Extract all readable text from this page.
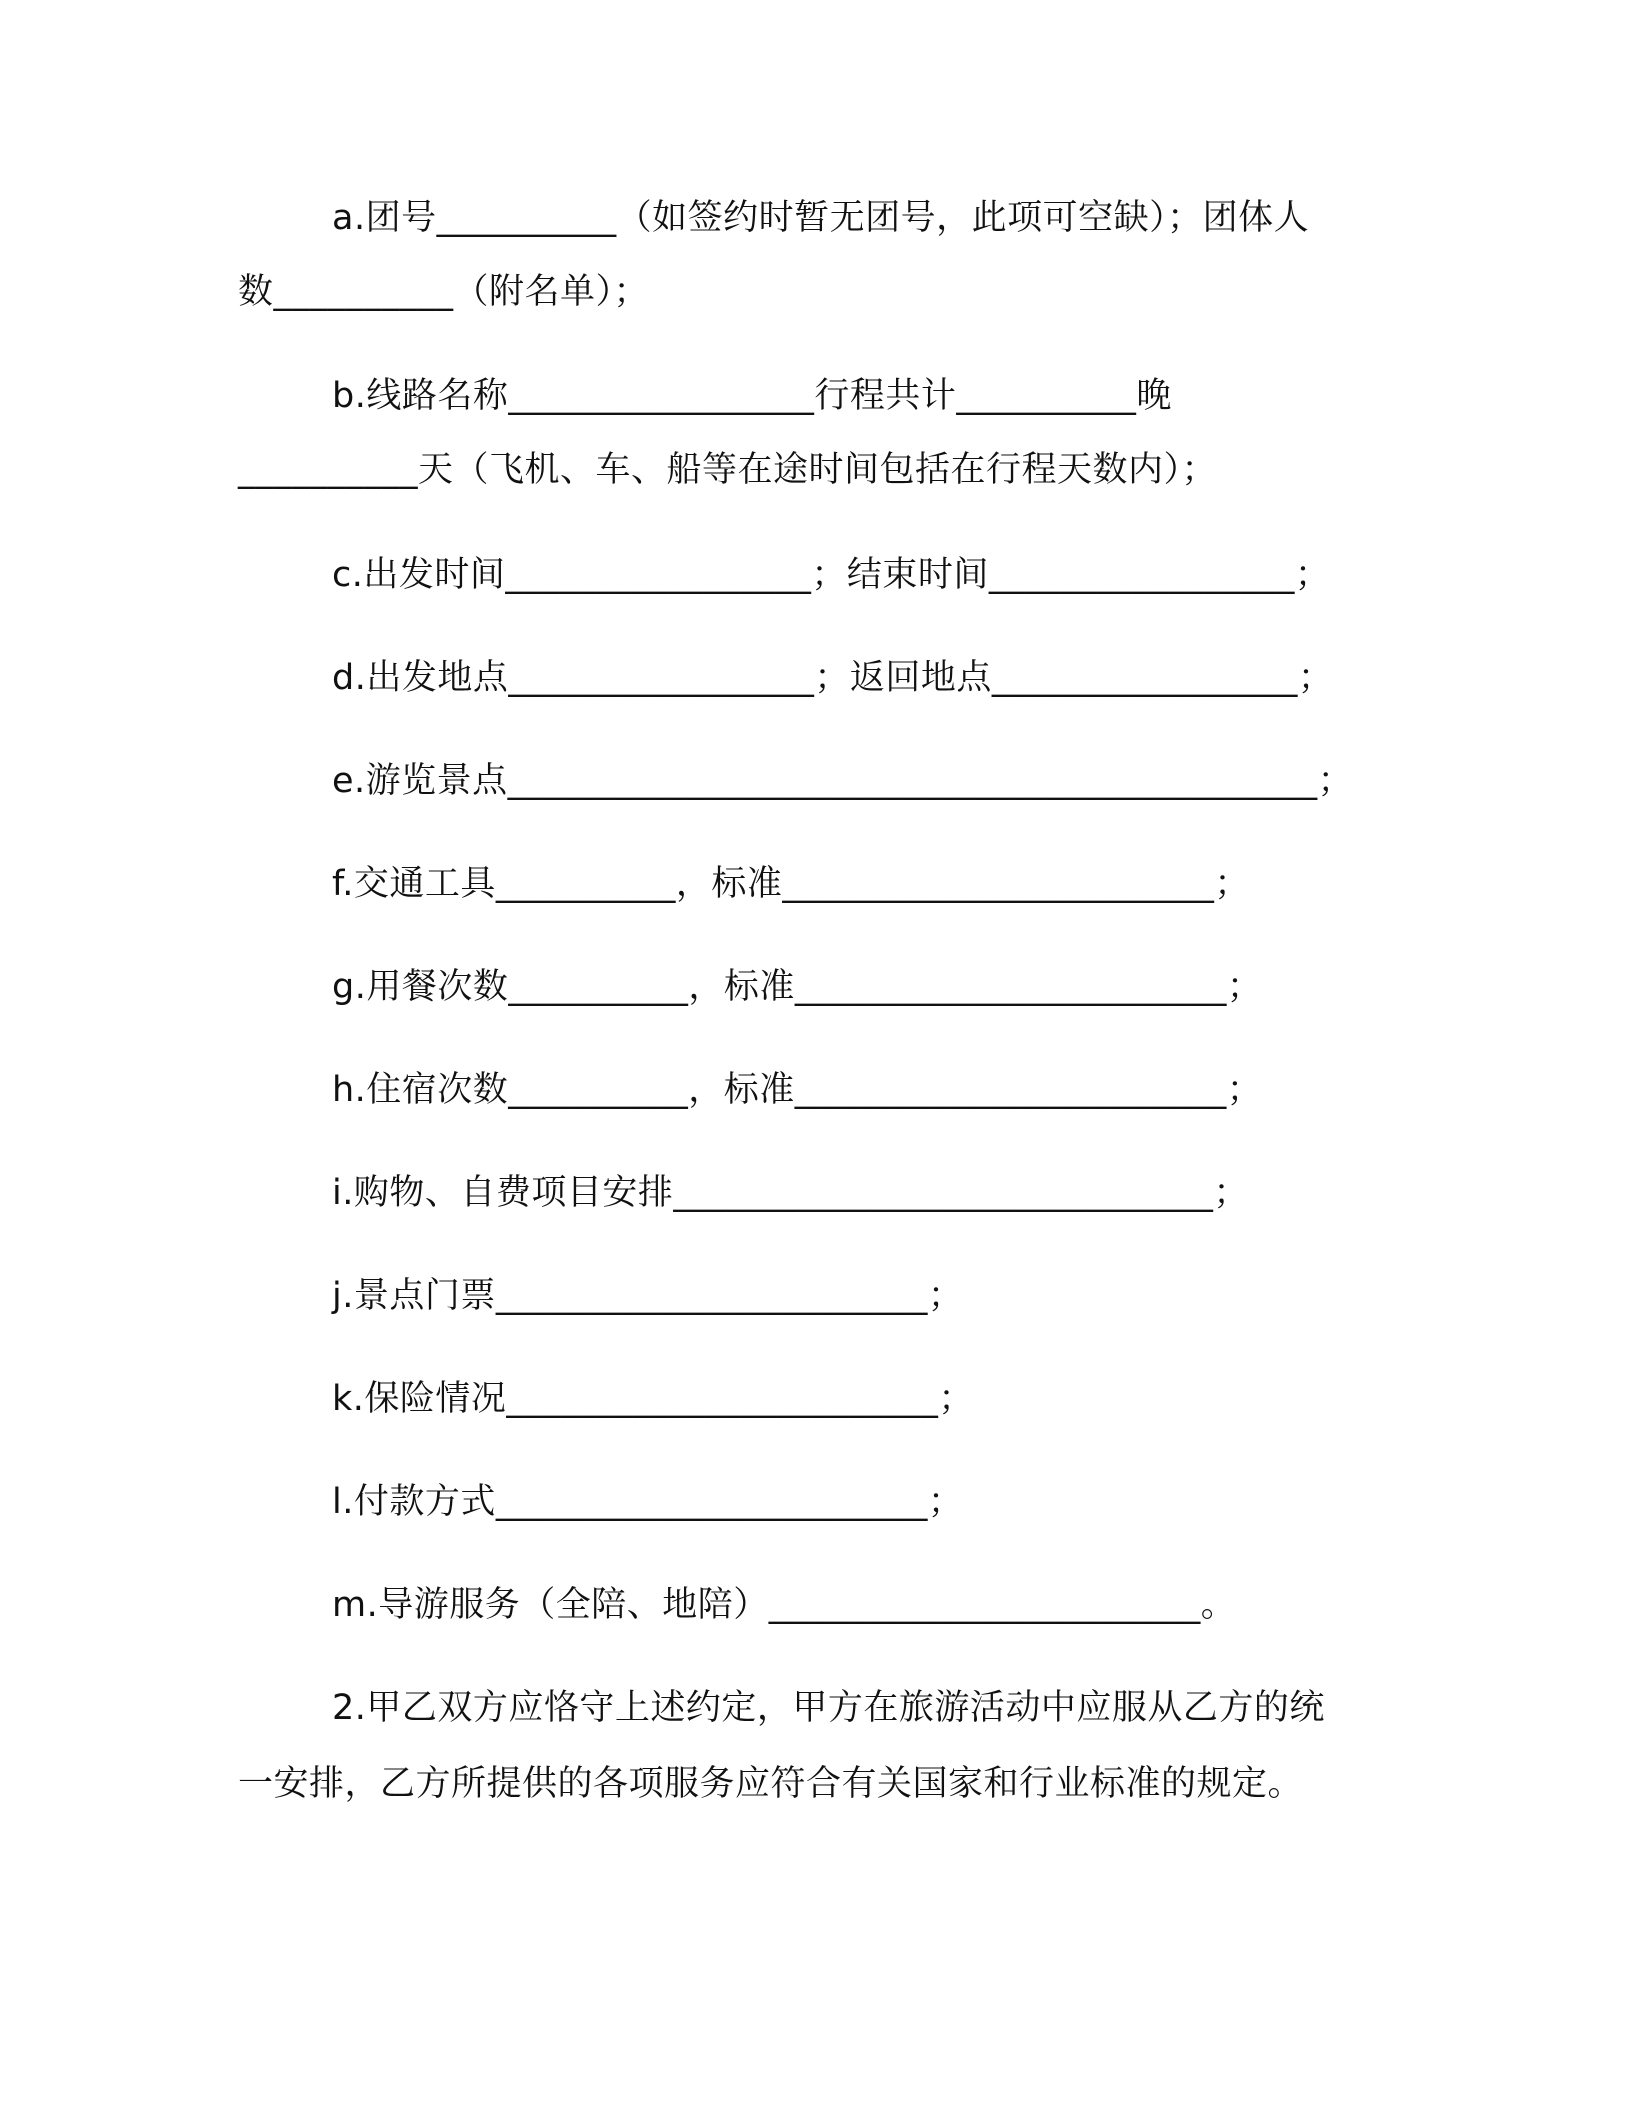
a.团号__________（如签约时暂无团号，此项可空缺）；团体人
数__________（附名单）；
b.线路名称_________________行程共计__________晚
__________天（飞机、车、船等在途时间包括在行程天数内）；
c.出发时间_________________；结束时间_________________；
d.出发地点_________________；返回地点_________________；
e.游览景点_____________________________________________；
f.交通工具__________，标准________________________；
g.用餐次数__________，标准________________________；
h.住宿次数__________，标准________________________；
i.购物、自费项目安排______________________________；
j.景点门票________________________；
k.保险情况________________________；
l.付款方式________________________；
m.导游服务（全陪、地陪）________________________。
2.甲乙双方应恪守上述约定，甲方在旅游活动中应服从乙方的统
一安排，乙方所提供的各项服务应符合有关国家和行业标准的规定。
